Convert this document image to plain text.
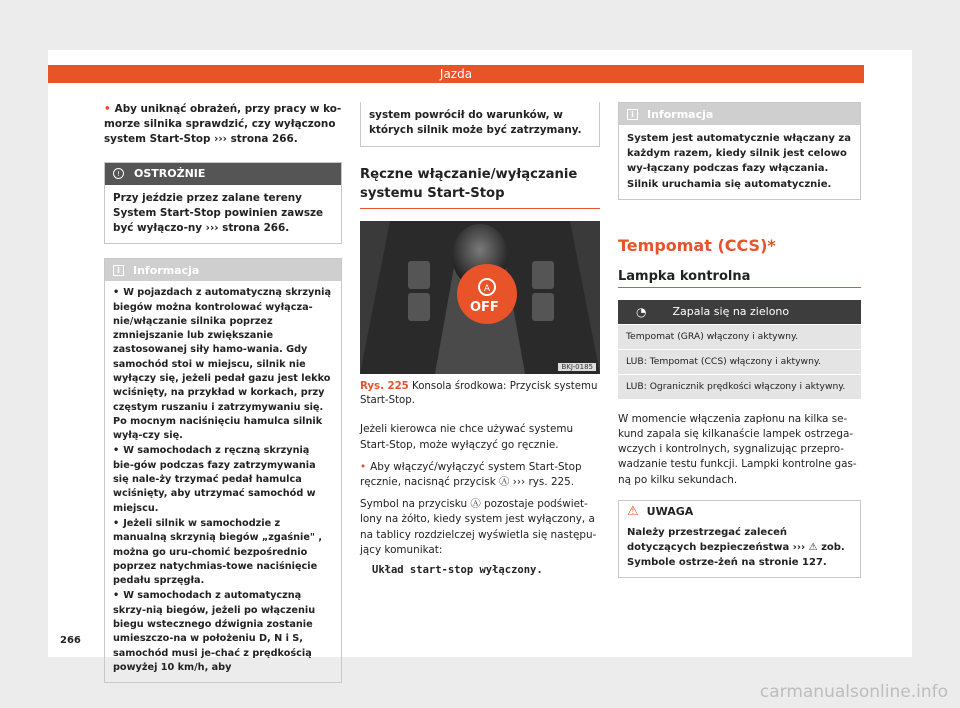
Jazda
• Aby uniknąć obrażeń, przy pracy w ko-morze silnika sprawdzić, czy wyłączono system Start-Stop ››› strona 266.
!	OSTROŻNIE
Przy jeździe przez zalane tereny System Start-Stop powinien zawsze być wyłączo-ny ››› strona 266.
i	Informacja
• W pojazdach z automatyczną skrzynią biegów można kontrolować wyłącza-nie/włączanie silnika poprzez zmniejszanie lub zwiększanie zastosowanej siły hamo-wania. Gdy samochód stoi w miejscu, silnik nie wyłączy się, jeżeli pedał gazu jest lekko wciśnięty, na przykład w korkach, przy częstym ruszaniu i zatrzymywaniu się. Po mocnym naciśnięciu hamulca silnik wyłą-czy się.
• W samochodach z ręczną skrzynią bie-gów podczas fazy zatrzymywania się nale-ży trzymać pedał hamulca wciśnięty, aby utrzymać samochód w miejscu.
• Jeżeli silnik w samochodzie z manualną skrzynią biegów „zgaśnie" , można go uru-chomić bezpośrednio poprzez natychmias-towe naciśnięcie pedału sprzęgła.
• W samochodach z automatyczną skrzy-nią biegów, jeżeli po włączeniu biegu wstecznego dźwignia zostanie umieszczo-na w położeniu D, N i S, samochód musi je-chać z prędkością powyżej 10 km/h, aby
system powrócił do warunków, w których silnik może być zatrzymany.
Ręczne włączanie/wyłączanie systemu Start-Stop
A
OFF
BKJ-0185
Rys. 225 Konsola środkowa: Przycisk systemu Start-Stop.
Jeżeli kierowca nie chce używać systemu Start-Stop, może wyłączyć go ręcznie.
• Aby włączyć/wyłączyć system Start-Stop ręcznie, nacisnąć przycisk Ⓐ ››› rys. 225.
Symbol na przycisku Ⓐ pozostaje podświet-lony na żółto, kiedy system jest wyłączony, a na tablicy rozdzielczej wyświetla się następu-jący komunikat:
Układ start-stop wyłączony.
i	Informacja
System jest automatycznie włączany za każdym razem, kiedy silnik jest celowo wy-łączany podczas fazy włączania. Silnik uruchamia się automatycznie.
Tempomat (CCS)*
Lampka kontrolna
◔ Zapala się na zielono
Tempomat (GRA) włączony i aktywny.
LUB: Tempomat (CCS) włączony i aktywny.
LUB: Ogranicznik prędkości włączony i aktywny.
W momencie włączenia zapłonu na kilka se-kund zapala się kilkanaście lampek ostrzega-wczych i kontrolnych, sygnalizując przepro-wadzanie testu funkcji. Lampki kontrolne gas-ną po kilku sekundach.
⚠ UWAGA
Należy przestrzegać zaleceń dotyczących bezpieczeństwa ››› ⚠ zob. Symbole ostrze-żeń na stronie 127.
266
carmanualsonline.info
